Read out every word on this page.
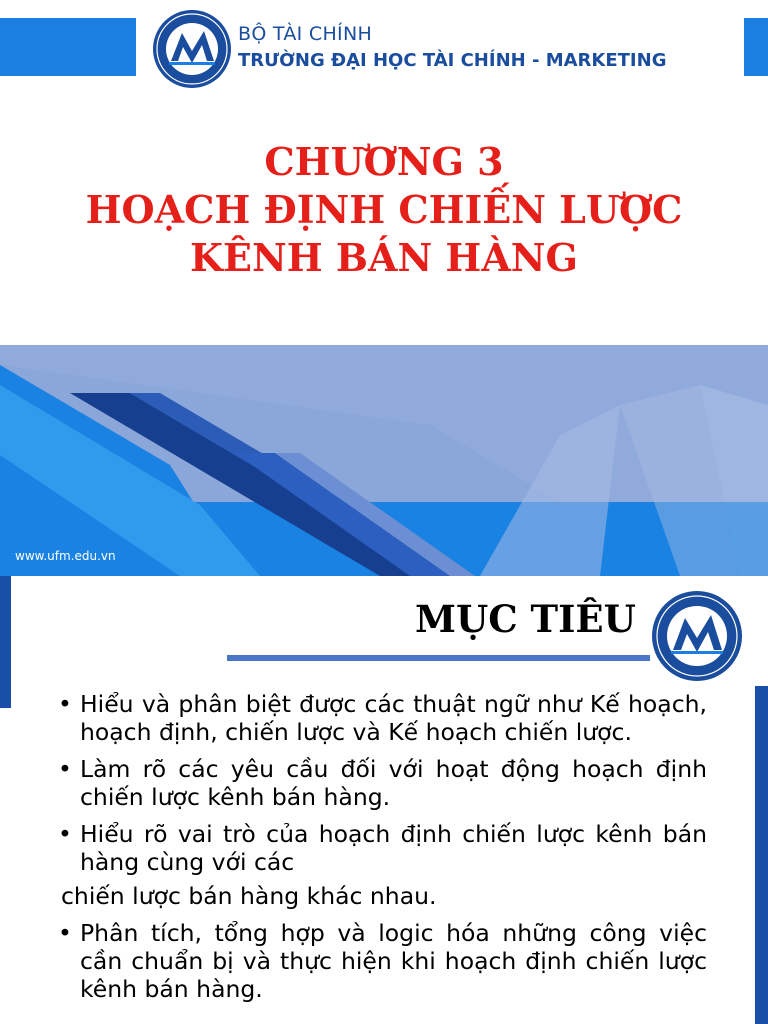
BỘ TÀI CHÍNH
TRƯỜNG ĐẠI HỌC TÀI CHÍNH - MARKETING
CHƯƠNG 3
HOẠCH ĐỊNH CHIẾN LƯỢC
KÊNH BÁN HÀNG
www.ufm.edu.vn
MỤC TIÊU
• Hiểu và phân biệt được các thuật ngữ như Kế hoạch, hoạch định, chiến lược và Kế hoạch chiến lược.
• Làm rõ các yêu cầu đối với hoạt động hoạch định chiến lược kênh bán hàng.
• Hiểu rõ vai trò của hoạch định chiến lược kênh bán hàng cùng với các
chiến lược bán hàng khác nhau.
• Phân tích, tổng hợp và logic hóa những công việc cần chuẩn bị và thực hiện khi hoạch định chiến lược kênh bán hàng.
